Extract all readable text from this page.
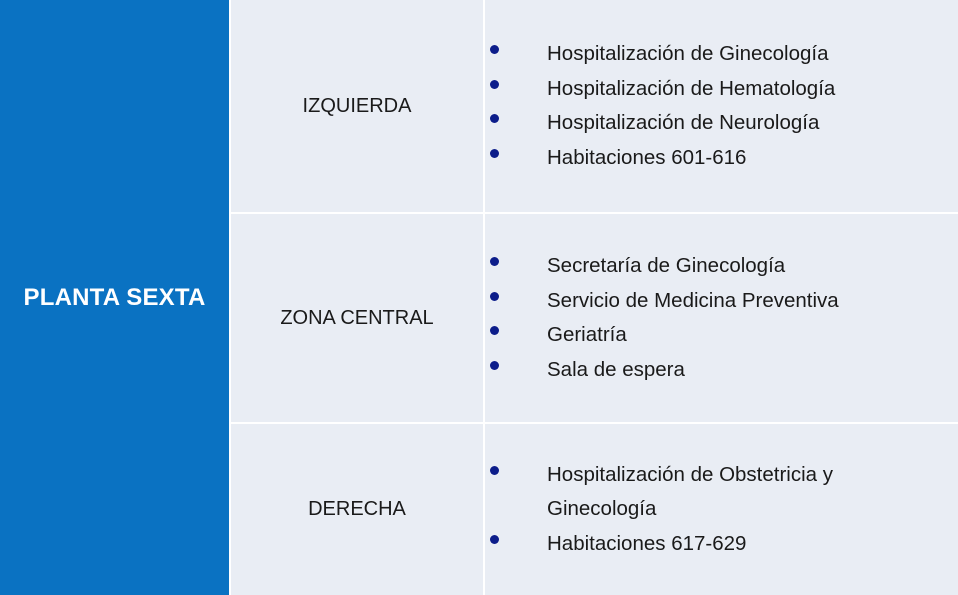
PLANTA SEXTA
IZQUIERDA
Hospitalización de Ginecología
Hospitalización de Hematología
Hospitalización de Neurología
Habitaciones 601-616
ZONA CENTRAL
Secretaría de Ginecología
Servicio de Medicina Preventiva
Geriatría
Sala de espera
DERECHA
Hospitalización de Obstetricia y Ginecología
Habitaciones 617-629
